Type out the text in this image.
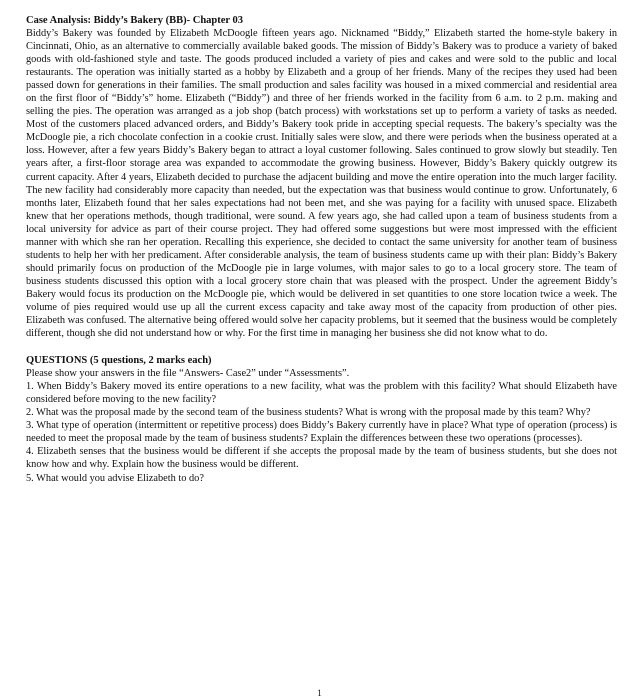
Case Analysis: Biddy’s Bakery (BB)- Chapter 03

Biddy’s Bakery was founded by Elizabeth McDoogle fifteen years ago. Nicknamed “Biddy,” Elizabeth started the home-style bakery in Cincinnati, Ohio, as an alternative to commercially available baked goods. The mission of Biddy’s Bakery was to produce a variety of baked goods with old-fashioned style and taste. The goods produced included a variety of pies and cakes and were sold to the public and local restaurants. The operation was initially started as a hobby by Elizabeth and a group of her friends. Many of the recipes they used had been passed down for generations in their families. The small production and sales facility was housed in a mixed commercial and residential area on the first floor of “Biddy’s” home. Elizabeth (“Biddy”) and three of her friends worked in the facility from 6 a.m. to 2 p.m. making and selling the pies. The operation was arranged as a job shop (batch process) with workstations set up to perform a variety of tasks as needed. Most of the customers placed advanced orders, and Biddy’s Bakery took pride in accepting special requests. The bakery’s specialty was the McDoogle pie, a rich chocolate confection in a cookie crust. Initially sales were slow, and there were periods when the business operated at a loss. However, after a few years Biddy’s Bakery began to attract a loyal customer following. Sales continued to grow slowly but steadily. Ten years after, a first-floor storage area was expanded to accommodate the growing business. However, Biddy’s Bakery quickly outgrew its current capacity. After 4 years, Elizabeth decided to purchase the adjacent building and move the entire operation into the much larger facility. The new facility had considerably more capacity than needed, but the expectation was that business would continue to grow. Unfortunately, 6 months later, Elizabeth found that her sales expectations had not been met, and she was paying for a facility with unused space. Elizabeth knew that her operations methods, though traditional, were sound. A few years ago, she had called upon a team of business students from a local university for advice as part of their course project. They had offered some suggestions but were most impressed with the efficient manner with which she ran her operation. Recalling this experience, she decided to contact the same university for another team of business students to help her with her predicament. After considerable analysis, the team of business students came up with their plan: Biddy’s Bakery should primarily focus on production of the McDoogle pie in large volumes, with major sales to go to a local grocery store. The team of business students discussed this option with a local grocery store chain that was pleased with the prospect. Under the agreement Biddy’s Bakery would focus its production on the McDoogle pie, which would be delivered in set quantities to one store location twice a week. The volume of pies required would use up all the current excess capacity and take away most of the capacity from production of other pies. Elizabeth was confused. The alternative being offered would solve her capacity problems, but it seemed that the business would be completely different, though she did not understand how or why. For the first time in managing her business she did not know what to do.

QUESTIONS (5 questions, 2 marks each)

Please show your answers in the file “Answers- Case2” under “Assessments”.

1. When Biddy’s Bakery moved its entire operations to a new facility, what was the problem with this facility? What should Elizabeth have considered before moving to the new facility?

2. What was the proposal made by the second team of the business students? What is wrong with the proposal made by this team? Why?

3. What type of operation (intermittent or repetitive process) does Biddy’s Bakery currently have in place? What type of operation (process) is needed to meet the proposal made by the team of business students? Explain the differences between these two operations (processes).

4. Elizabeth senses that the business would be different if she accepts the proposal made by the team of business students, but she does not know how and why. Explain how the business would be different.

5. What would you advise Elizabeth to do?

1
